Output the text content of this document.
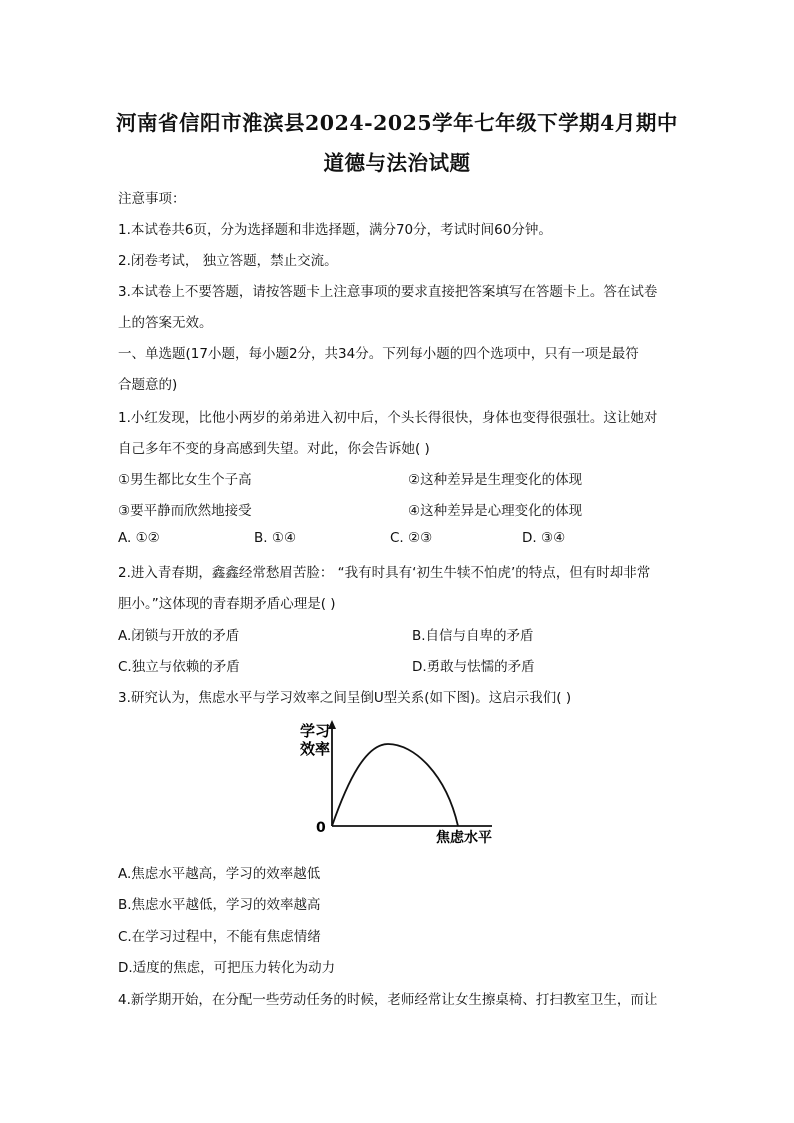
河南省信阳市淮滨县2024-2025学年七年级下学期4月期中
道德与法治试题
注意事项：
1.本试卷共6页，分为选择题和非选择题，满分70分，考试时间60分钟。
2.闭卷考试， 独立答题，禁止交流。
3.本试卷上不要答题，请按答题卡上注意事项的要求直接把答案填写在答题卡上。答在试卷
上的答案无效。
一、单选题(17小题，每小题2分，共34分。下列每小题的四个选项中，只有一项是最符
合题意的)
1.小红发现，比他小两岁的弟弟进入初中后，个头长得很快，身体也变得很强壮。这让她对
自己多年不变的身高感到失望。对此，你会告诉她( )
①男生都比女生个子高	②这种差异是生理变化的体现
③要平静而欣然地接受	④这种差异是心理变化的体现
A. ①②	B. ①④	C. ②③	D. ③④
2.进入青春期，鑫鑫经常愁眉苦脸： “我有时具有‘初生牛犊不怕虎’的特点，但有时却非常
胆小。”这体现的青春期矛盾心理是( )
A.闭锁与开放的矛盾	B.自信与自卑的矛盾
C.独立与依赖的矛盾	D.勇敢与怯懦的矛盾
3.研究认为，焦虑水平与学习效率之间呈倒U型关系(如下图)。这启示我们( )
学习
效率
0
焦虑水平
A.焦虑水平越高，学习的效率越低
B.焦虑水平越低，学习的效率越高
C.在学习过程中，不能有焦虑情绪
D.适度的焦虑，可把压力转化为动力
4.新学期开始，在分配一些劳动任务的时候，老师经常让女生擦桌椅、打扫教室卫生，而让
